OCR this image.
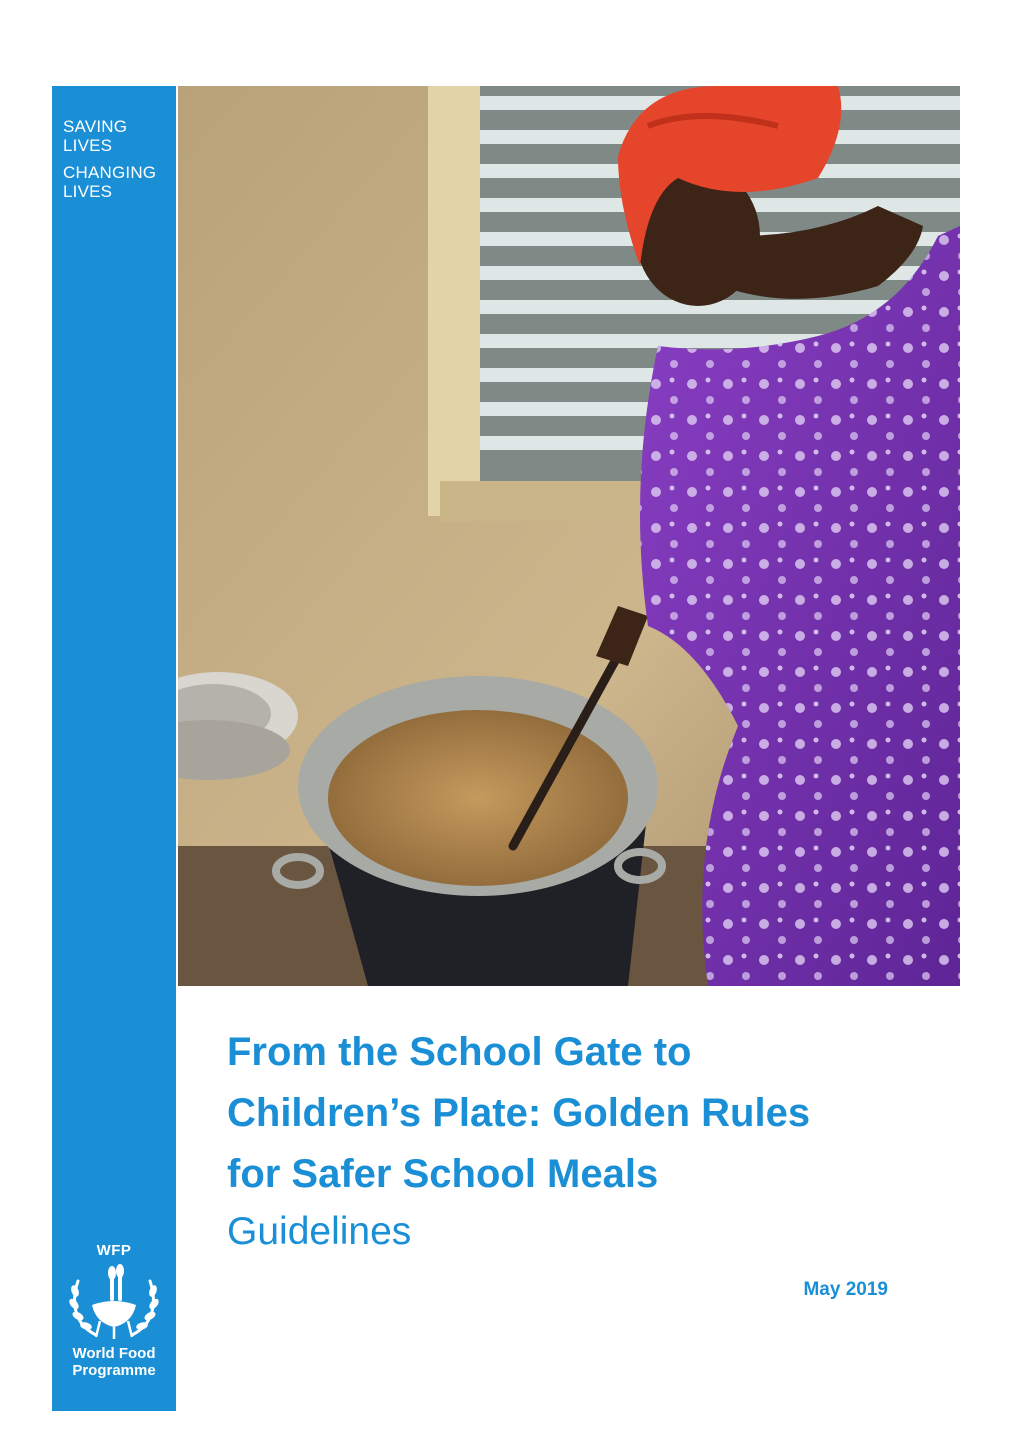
SAVING
LIVES
CHANGING
LIVES
WFP
World Food
Programme
From the School Gate to
Children’s Plate: Golden Rules
for Safer School Meals
Guidelines
May 2019
